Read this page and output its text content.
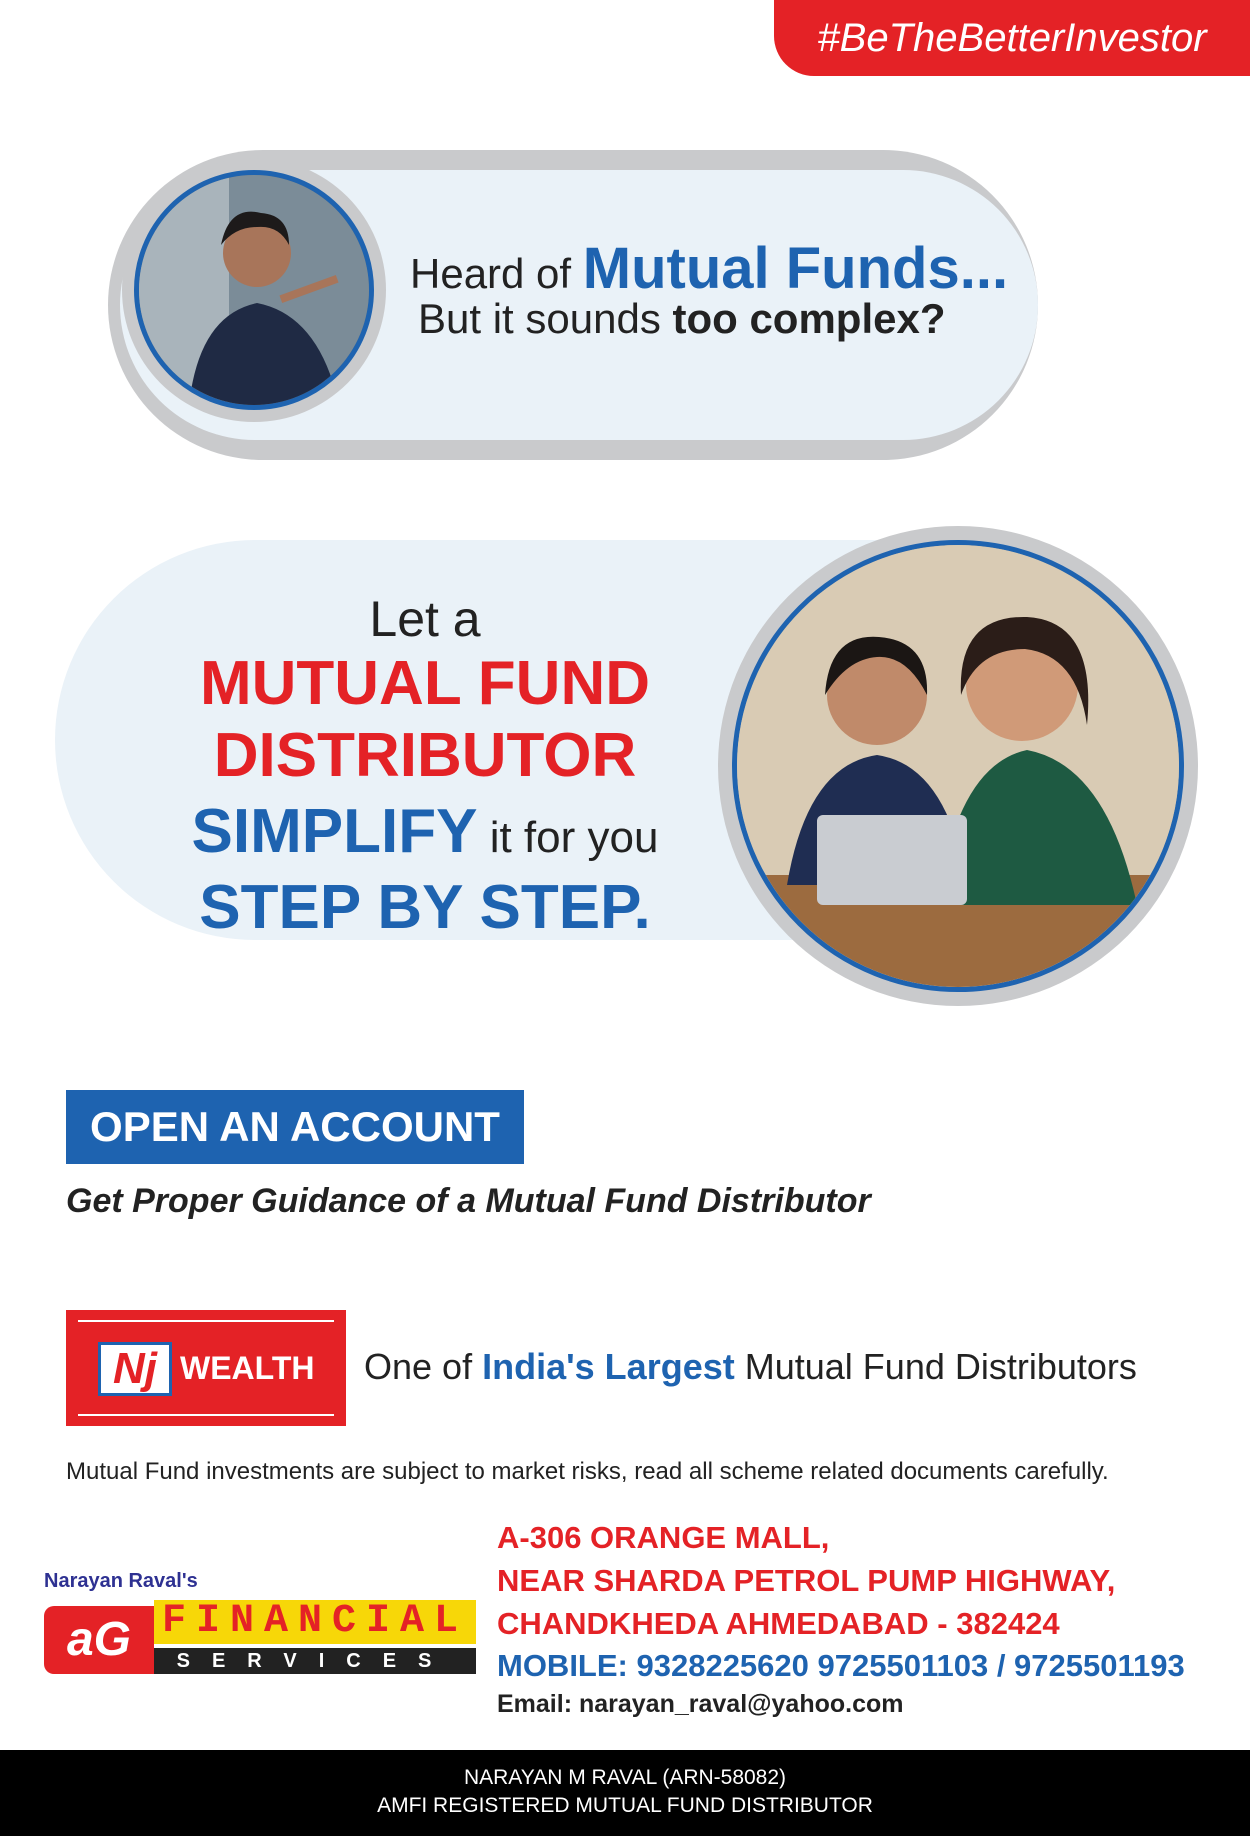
#BeTheBetterInvestor
Heard of Mutual Funds...
But it sounds too complex?
Let a
MUTUAL FUND
DISTRIBUTOR
SIMPLIFY it for you
STEP BY STEP.
OPEN AN ACCOUNT
Get Proper Guidance of a Mutual Fund Distributor
Nj WEALTH One of India's Largest Mutual Fund Distributors
Mutual Fund investments are subject to market risks, read all scheme related documents carefully.
Narayan Raval's
aG FINANCIAL
SERVICES
A-306 ORANGE MALL,
NEAR SHARDA PETROL PUMP HIGHWAY,
CHANDKHEDA AHMEDABAD - 382424
MOBILE: 9328225620 9725501103 / 9725501193
Email: narayan_raval@yahoo.com
NARAYAN M RAVAL (ARN-58082)
AMFI REGISTERED MUTUAL FUND DISTRIBUTOR
